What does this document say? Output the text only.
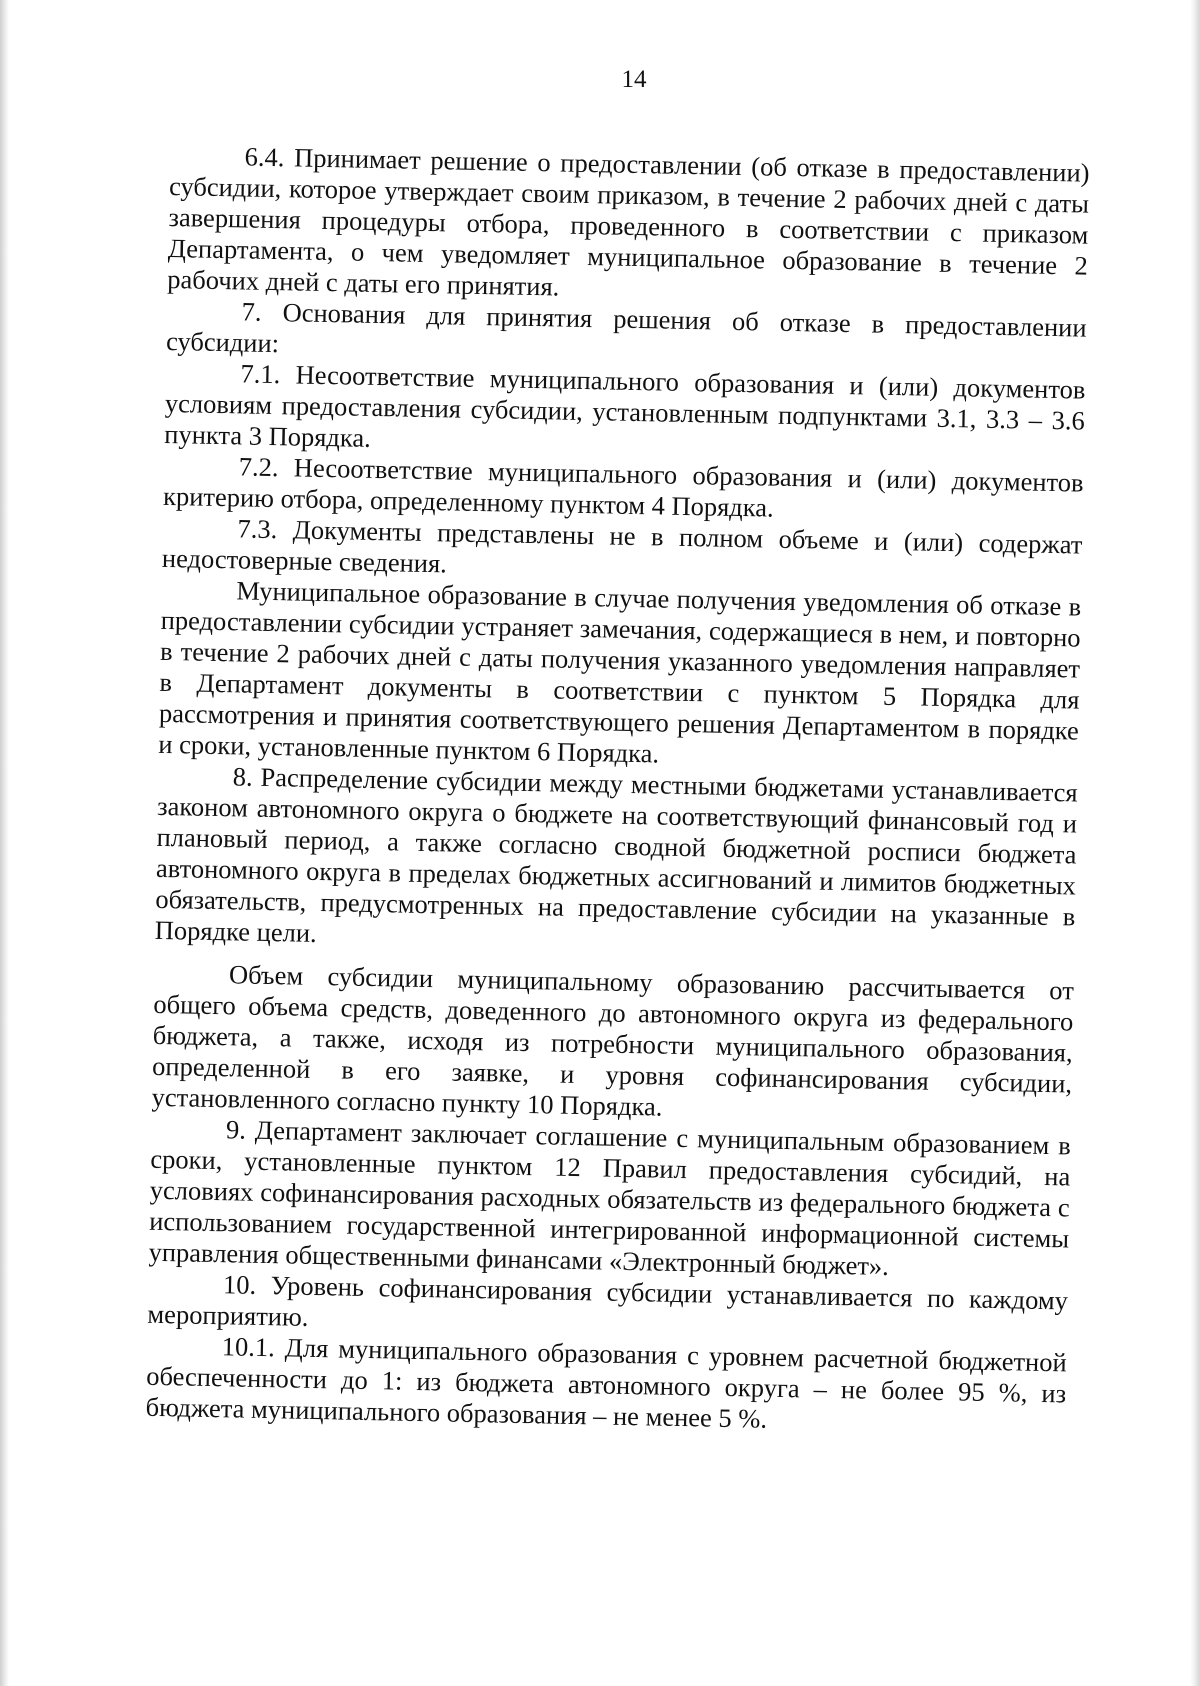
14

6.4. Принимает решение о предоставлении (об отказе в предоставлении) субсидии, которое утверждает своим приказом, в течение 2 рабочих дней с даты завершения процедуры отбора, проведенного в соответствии с приказом Департамента, о чем уведомляет муниципальное образование в течение 2 рабочих дней с даты его принятия.

7. Основания для принятия решения об отказе в предоставлении субсидии:

7.1. Несоответствие муниципального образования и (или) документов условиям предоставления субсидии, установленным подпунктами 3.1, 3.3 – 3.6 пункта 3 Порядка.

7.2. Несоответствие муниципального образования и (или) документов критерию отбора, определенному пунктом 4 Порядка.

7.3. Документы представлены не в полном объеме и (или) содержат недостоверные сведения.

Муниципальное образование в случае получения уведомления об отказе в предоставлении субсидии устраняет замечания, содержащиеся в нем, и повторно в течение 2 рабочих дней с даты получения указанного уведомления направляет в Департамент документы в соответствии с пунктом 5 Порядка для рассмотрения и принятия соответствующего решения Департаментом в порядке и сроки, установленные пунктом 6 Порядка.

8. Распределение субсидии между местными бюджетами устанавливается законом автономного округа о бюджете на соответствующий финансовый год и плановый период, а также согласно сводной бюджетной росписи бюджета автономного округа в пределах бюджетных ассигнований и лимитов бюджетных обязательств, предусмотренных на предоставление субсидии на указанные в Порядке цели.

Объем субсидии муниципальному образованию рассчитывается от общего объема средств, доведенного до автономного округа из федерального бюджета, а также, исходя из потребности муниципального образования, определенной в его заявке, и уровня софинансирования субсидии, установленного согласно пункту 10 Порядка.

9. Департамент заключает соглашение с муниципальным образованием в сроки, установленные пунктом 12 Правил предоставления субсидий, на условиях софинансирования расходных обязательств из федерального бюджета с использованием государственной интегрированной информационной системы управления общественными финансами «Электронный бюджет».

10. Уровень софинансирования субсидии устанавливается по каждому мероприятию.

10.1. Для муниципального образования с уровнем расчетной бюджетной обеспеченности до 1: из бюджета автономного округа – не более 95 %, из бюджета муниципального образования – не менее 5 %.
